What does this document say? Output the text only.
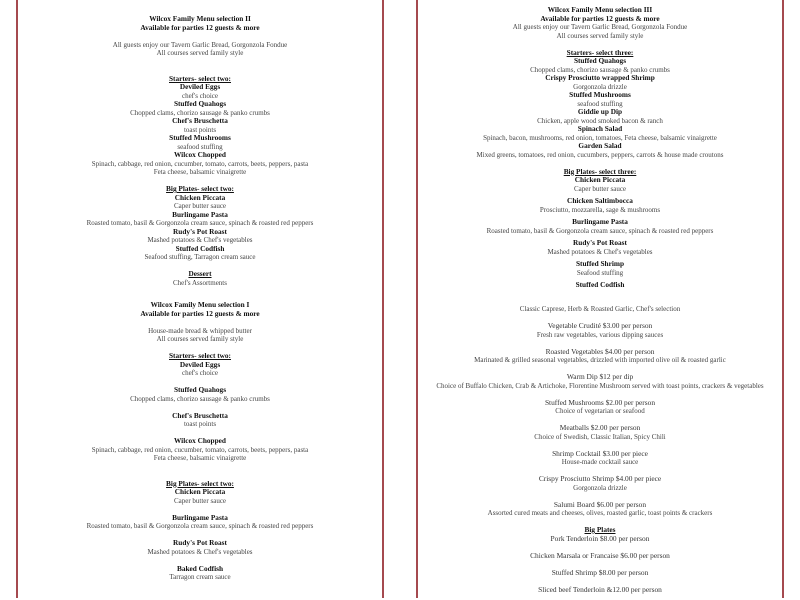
Wilcox Family Menu selection II
Available for parties 12 guests & more
All guests enjoy our Tavern Garlic Bread, Gorgonzola Fondue
All courses served family style
Starters- select two:
Deviled Eggs
chef's choice
Stuffed Quahogs
Chopped clams, chorizo sausage & panko crumbs
Chef's Bruschetta
toast points
Stuffed Mushrooms
seafood stuffing
Wilcox Chopped
Spinach, cabbage, red onion, cucumber, tomato, carrots, beets, peppers, pasta
Feta cheese, balsamic vinaigrette
Big Plates- select two:
Chicken Piccata
Caper butter sauce
Burlingame Pasta
Roasted tomato, basil & Gorgonzola cream sauce, spinach & roasted red peppers
Rudy's Pot Roast
Mashed potatoes & Chef's vegetables
Stuffed Codfish
Seafood stuffing, Tarragon cream sauce
Dessert
Chef's Assortments
Wilcox Family Menu selection III
Available for parties 12 guests & more
All guests enjoy our Tavern Garlic Bread, Gorgonzola Fondue
All courses served family style
Starters- select three:
Stuffed Quahogs
Chopped clams, chorizo sausage & panko crumbs
Crispy Prosciutto wrapped Shrimp
Gorgonzola drizzle
Stuffed Mushrooms
seafood stuffing
Giddie up Dip
Chicken, apple wood smoked bacon & ranch
Spinach Salad
Spinach, bacon, mushrooms, red onion, tomatoes, Feta cheese, balsamic vinaigrette
Garden Salad
Mixed greens, tomatoes, red onion, cucumbers, peppers, carrots & house made croutons
Big Plates- select three:
Chicken Piccata
Caper butter sauce
Chicken Saltimbocca
Prosciutto, mozzarella, sage & mushrooms
Burlingame Pasta
Roasted tomato, basil & Gorgonzola cream sauce, spinach & roasted red peppers
Rudy's Pot Roast
Mashed potatoes & Chef's vegetables
Stuffed Shrimp
Seafood stuffing
Stuffed Codfish
Wilcox Family Menu selection I
Available for parties 12 guests & more
House-made bread & whipped butter
All courses served family style
Starters- select two:
Deviled Eggs
chef's choice
Stuffed Quahogs
Chopped clams, chorizo sausage & panko crumbs
Chef's Bruschetta
toast points
Wilcox Chopped
Spinach, cabbage, red onion, cucumber, tomato, carrots, beets, peppers, pasta
Feta cheese, balsamic vinaigrette
Big Plates- select two:
Chicken Piccata
Caper butter sauce
Burlingame Pasta
Roasted tomato, basil & Gorgonzola cream sauce, spinach & roasted red peppers
Rudy's Pot Roast
Mashed potatoes & Chef's vegetables
Baked Codfish
Tarragon cream sauce
Classic Caprese, Herb & Roasted Garlic, Chef's selection
Vegetable Crudité $3.00 per person
Fresh raw vegetables, various dipping sauces
Roasted Vegetables $4.00 per person
Marinated & grilled seasonal vegetables, drizzled with imported olive oil & roasted garlic
Warm Dip $12 per dip
Choice of Buffalo Chicken, Crab & Artichoke, Florentine Mushroom served with toast points, crackers & vegetables
Stuffed Mushrooms $2.00 per person
Choice of vegetarian or seafood
Meatballs $2.00 per person
Choice of Swedish, Classic Italian, Spicy Chili
Shrimp Cocktail $3.00 per piece
House-made cocktail sauce
Crispy Prosciutto Shrimp $4.00 per piece
Gorgonzola drizzle
Salumi Board $6.00 per person
Assorted cured meats and cheeses, olives, roasted garlic, toast points & crackers
Big Plates
Pork Tenderloin $8.00 per person
Chicken Marsala or Francaise $6.00 per person
Stuffed Shrimp $8.00 per person
Sliced beef Tenderloin &12.00 per person
